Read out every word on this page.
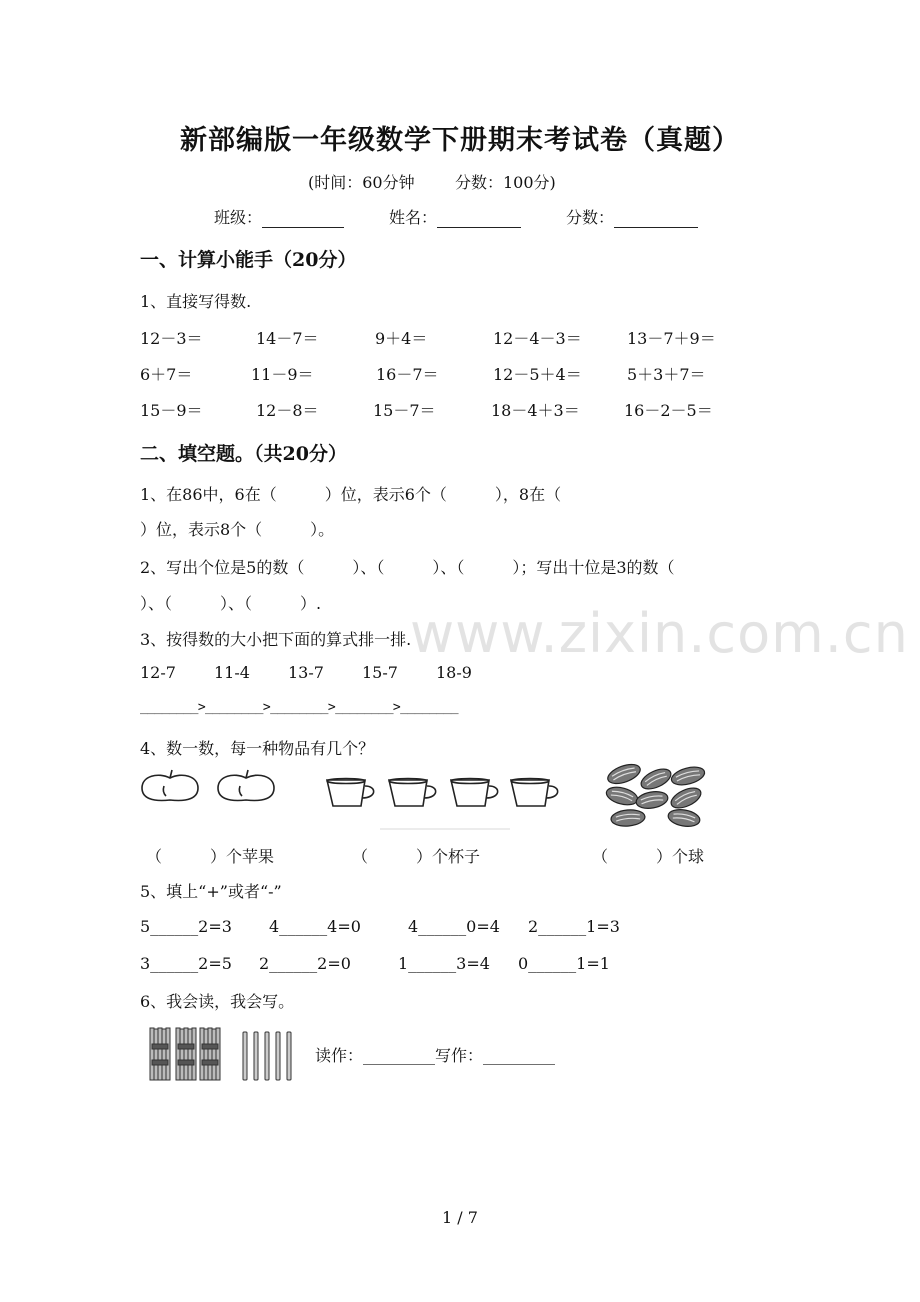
新部编版一年级数学下册期末考试卷（真题）
(时间：60分钟	分数：100分)
班级：	姓名：	分数：
一、计算小能手（20分）
1、直接写得数.
12－3＝	14－7＝	9＋4＝	12－4－3＝	13－7＋9＝
6＋7＝	11－9＝	16－7＝	12－5＋4＝	5＋3＋7＝
15－9＝	12－8＝	15－7＝	18－4＋3＝	16－2－5＝
二、填空题。（共20分）
1、在86中，6在（　　　）位，表示6个（　　　），8在（
）位，表示8个（　　　）。
2、写出个位是5的数（　　　）、（　　　）、（　　　）；写出十位是3的数（
）、（　　　）、（　　　）. www.zixin.com.cn
3、按得数的大小把下面的算式排一排.
12-7 11-4 13-7 15-7 18-9
________>________>________>________>________
4、数一数，每一种物品有几个？
（　　　）个苹果	（　　　）个杯子	（　　　）个球
5、填上“+”或者“-”
5______2=3 4______4=0	4______0=4 2______1=3
3______2=5 2______2=0	1______3=4 0______1=1
6、我会读，我会写。
读作：_________写作：_________
1 / 7
